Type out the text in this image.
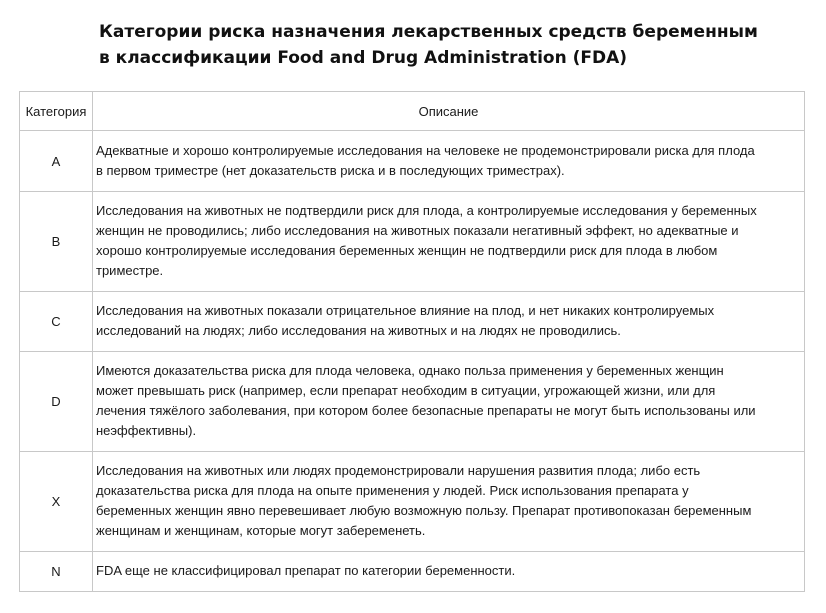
Категории риска назначения лекарственных средств беременным
в классификации Food and Drug Administration (FDA)
Категория	Описание
A	Адекватные и хорошо контролируемые исследования на человеке не продемонстрировали риска для плода
в первом триместре (нет доказательств риска и в последующих триместрах).

B	Исследования на животных не подтвердили риск для плода, а контролируемые исследования у беременных
женщин не проводились; либо исследования на животных показали негативный эффект, но адекватные и
хорошо контролируемые исследования беременных женщин не подтвердили риск для плода в любом
триместре.

C	Исследования на животных показали отрицательное влияние на плод, и нет никаких контролируемых
исследований на людях; либо исследования на животных и на людях не проводились.

D	Имеются доказательства риска для плода человека, однако польза применения у беременных женщин
может превышать риск (например, если препарат необходим в ситуации, угрожающей жизни, или для
лечения тяжёлого заболевания, при котором более безопасные препараты не могут быть использованы или
неэффективны).

X	Исследования на животных или людях продемонстрировали нарушения развития плода; либо есть
доказательства риска для плода на опыте применения у людей. Риск использования препарата у
беременных женщин явно перевешивает любую возможную пользу. Препарат противопоказан беременным
женщинам и женщинам, которые могут забеременеть.

N	FDA еще не классифицировал препарат по категории беременности.
